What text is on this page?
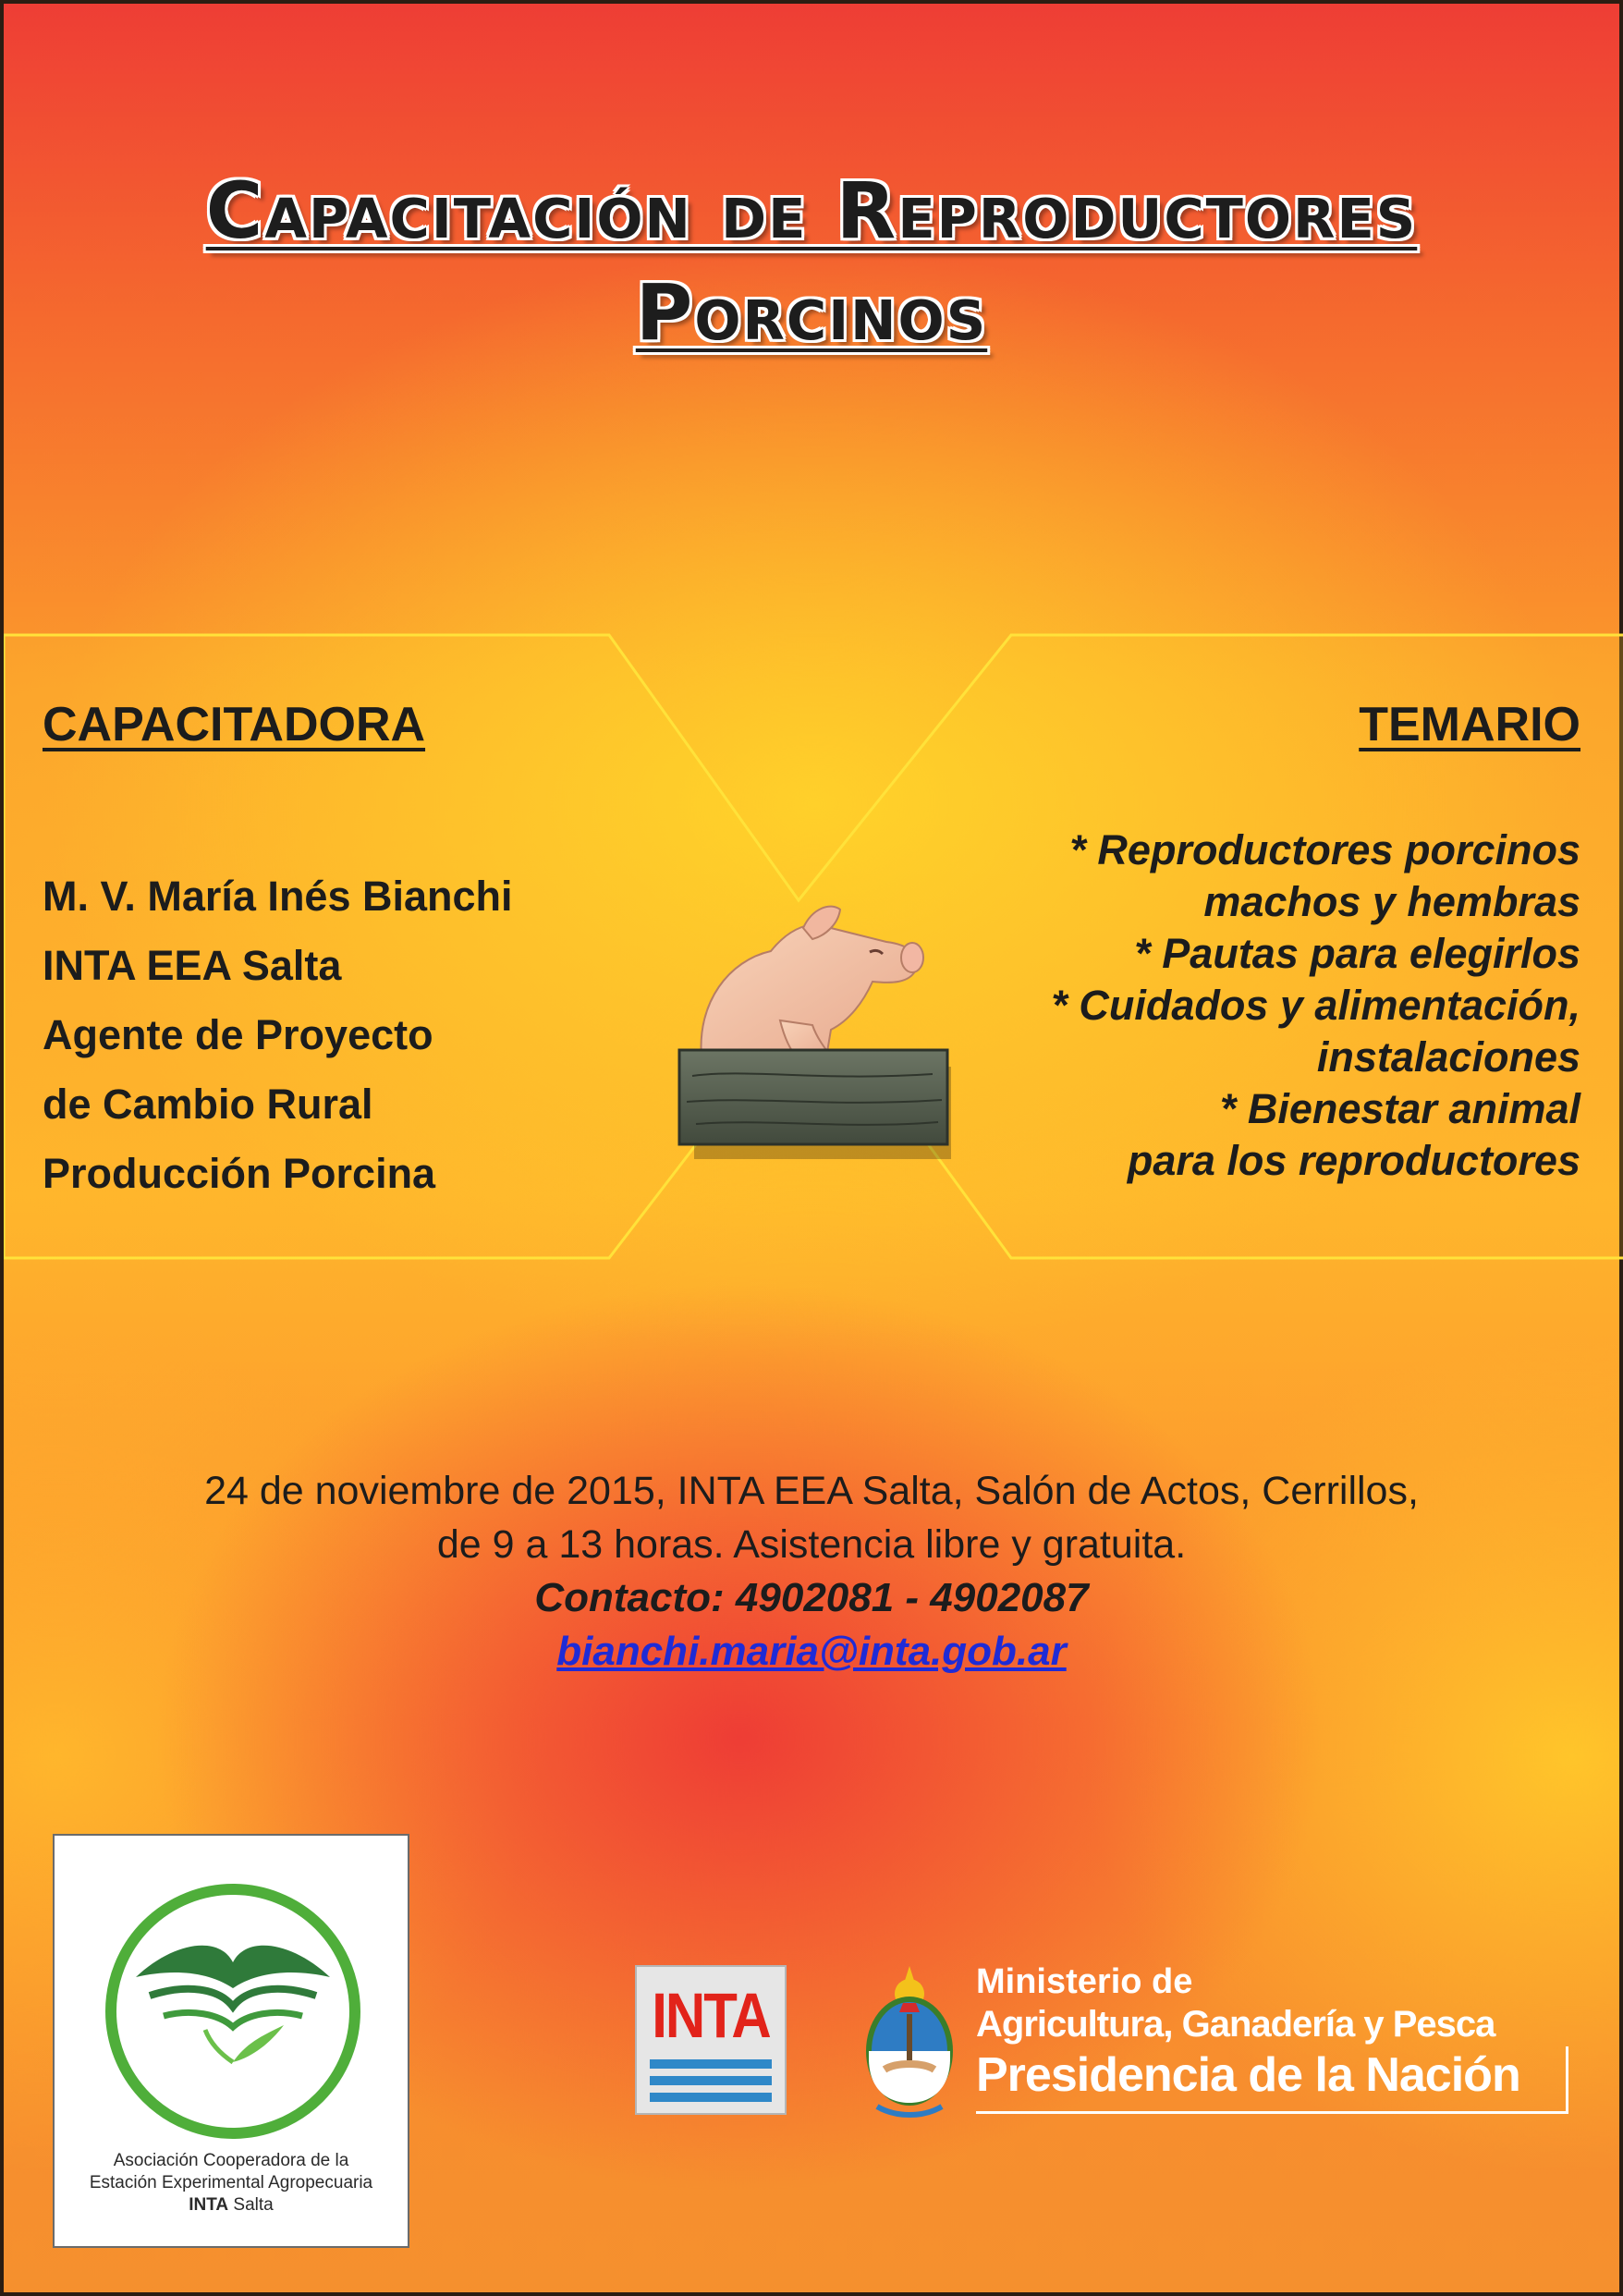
Capacitación de Reproductores
Porcinos
CAPACITADORA
M. V. María Inés Bianchi
INTA EEA Salta
Agente de Proyecto
de Cambio Rural
Producción Porcina
TEMARIO
* Reproductores porcinos
machos y hembras
* Pautas para elegirlos
* Cuidados y alimentación,
instalaciones
* Bienestar animal
para los reproductores
24 de noviembre de 2015, INTA EEA Salta, Salón de Actos, Cerrillos,
de 9 a 13 horas. Asistencia libre y gratuita.
Contacto: 4902081 - 4902087
bianchi.maria@inta.gob.ar
Asociación Cooperadora de la
Estación Experimental Agropecuaria
INTA Salta
INTA	Ministerio de
Agricultura, Ganadería y Pesca
Presidencia de la Nación
